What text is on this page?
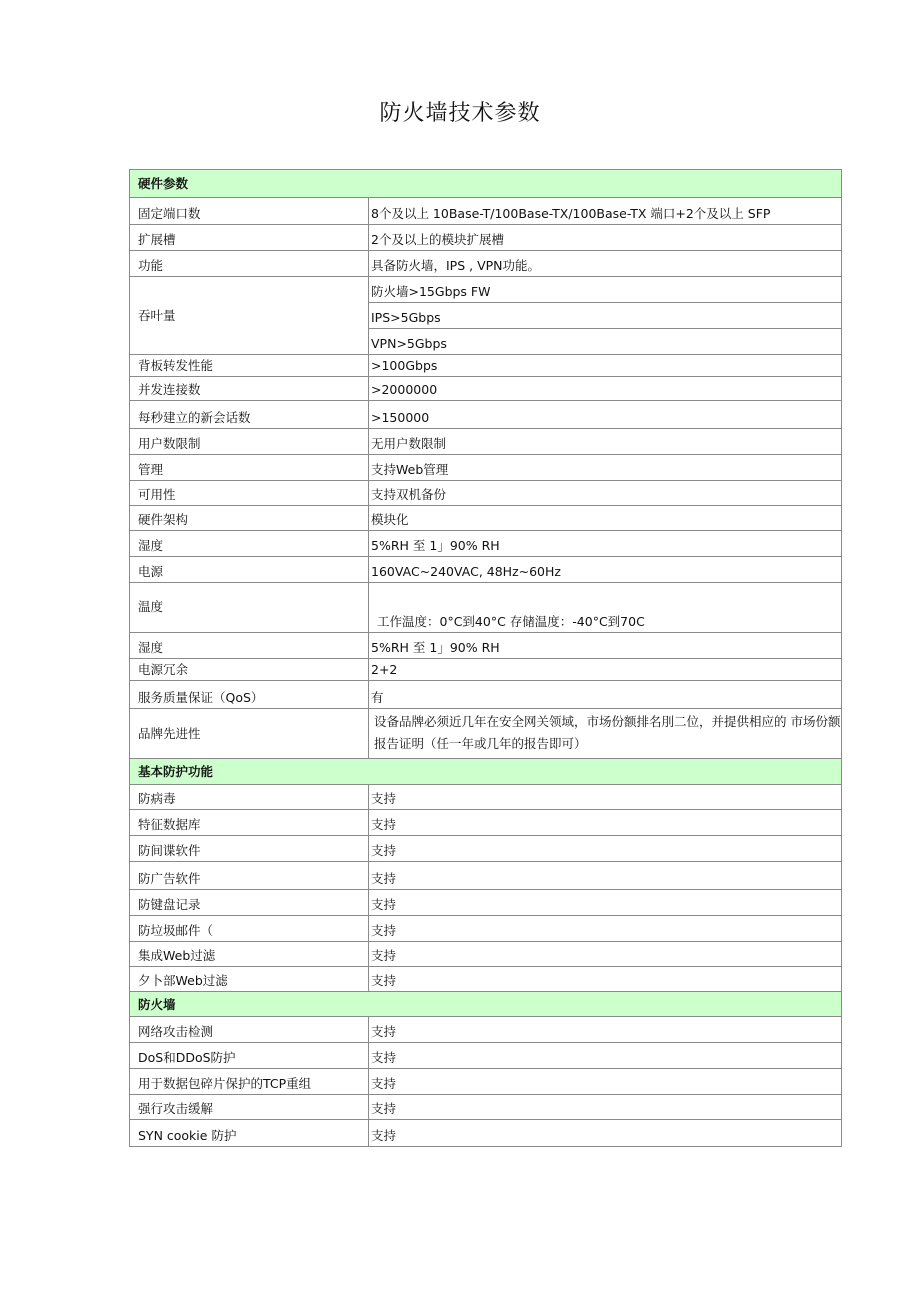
防火墙技术参数
硬件参数	
固定端口数	8个及以上 10Base-T/100Base-TX/100Base-TX 端口+2个及以上 SFP
扩展槽	2个及以上的模块扩展槽
功能	具备防火墙，IPS , VPN功能。
吞叶量	防火墙>15Gbps FW
	IPS>5Gbps
	VPN>5Gbps
背板转发性能	>100Gbps
并发连接数	>2000000
每秒建立的新会话数	>150000
用户数限制	无用户数限制
管理	支持Web管理
可用性	支持双机备份
硬件架构	模块化
湿度	5%RH 至 1」90% RH
电源	160VAC~240VAC, 48Hz~60Hz
温度	工作温度：0°C到40°C 存储温度：-40°C到70C
湿度	5%RH 至 1」90% RH
电源冗余	2+2
服务质量保证（QoS）	有
品牌先进性	设备品牌必须近几年在安全网关领域，市场份额排名刖二位，并提供相应的 市场份额报告证明（任一年或几年的报告即可）
基本防护功能	
防病毒	支持
特征数据库	支持
防间谍软件	支持
防广告软件	支持
防键盘记录	支持
防垃圾邮件（	支持
集成Web过滤	支持
夕卜部Web过滤	支持
防火墙	
网络攻击检测	支持
DoS和DDoS防护	支持
用于数据包碎片保护的TCP重组	支持
强行攻击缓解	支持
SYN cookie 防护	支持
